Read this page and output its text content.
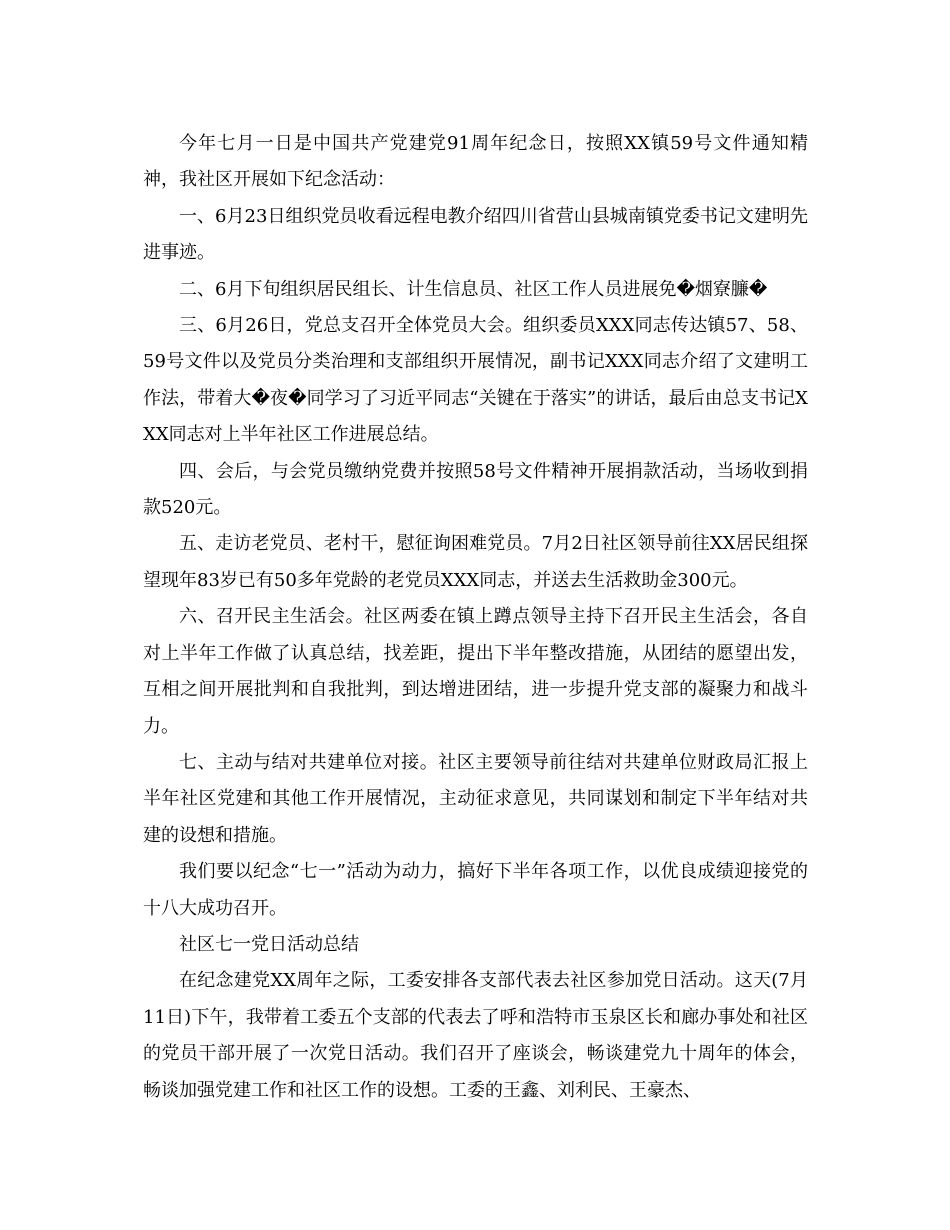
今年七月一日是中国共产党建党91周年纪念日，按照XX镇59号文件通知精神，我社区开展如下纪念活动：

一、6月23日组织党员收看远程电教介绍四川省营山县城南镇党委书记文建明先进事迹。

二、6月下旬组织居民组长、计生信息员、社区工作人员进展免�烟寮臁�

三、6月26日，党总支召开全体党员大会。组织委员XXX同志传达镇57、58、59号文件以及党员分类治理和支部组织开展情况，副书记XXX同志介绍了文建明工作法，带着大�夜�同学习了习近平同志“关键在于落实”的讲话，最后由总支书记XXX同志对上半年社区工作进展总结。

四、会后，与会党员缴纳党费并按照58号文件精神开展捐款活动，当场收到捐款520元。

五、走访老党员、老村干，慰征询困难党员。7月2日社区领导前往XX居民组探望现年83岁已有50多年党龄的老党员XXX同志，并送去生活救助金300元。

六、召开民主生活会。社区两委在镇上蹲点领导主持下召开民主生活会，各自对上半年工作做了认真总结，找差距，提出下半年整改措施，从团结的愿望出发，互相之间开展批判和自我批判，到达增进团结，进一步提升党支部的凝聚力和战斗力。

七、主动与结对共建单位对接。社区主要领导前往结对共建单位财政局汇报上半年社区党建和其他工作开展情况，主动征求意见，共同谋划和制定下半年结对共建的设想和措施。

我们要以纪念“七一”活动为动力，搞好下半年各项工作，以优良成绩迎接党的十八大成功召开。

社区七一党日活动总结

在纪念建党XX周年之际，工委安排各支部代表去社区参加党日活动。这天(7月11日)下午，我带着工委五个支部的代表去了呼和浩特市玉泉区长和廊办事处和社区的党员干部开展了一次党日活动。我们召开了座谈会，畅谈建党九十周年的体会，畅谈加强党建工作和社区工作的设想。工委的王鑫、刘利民、王豪杰、
